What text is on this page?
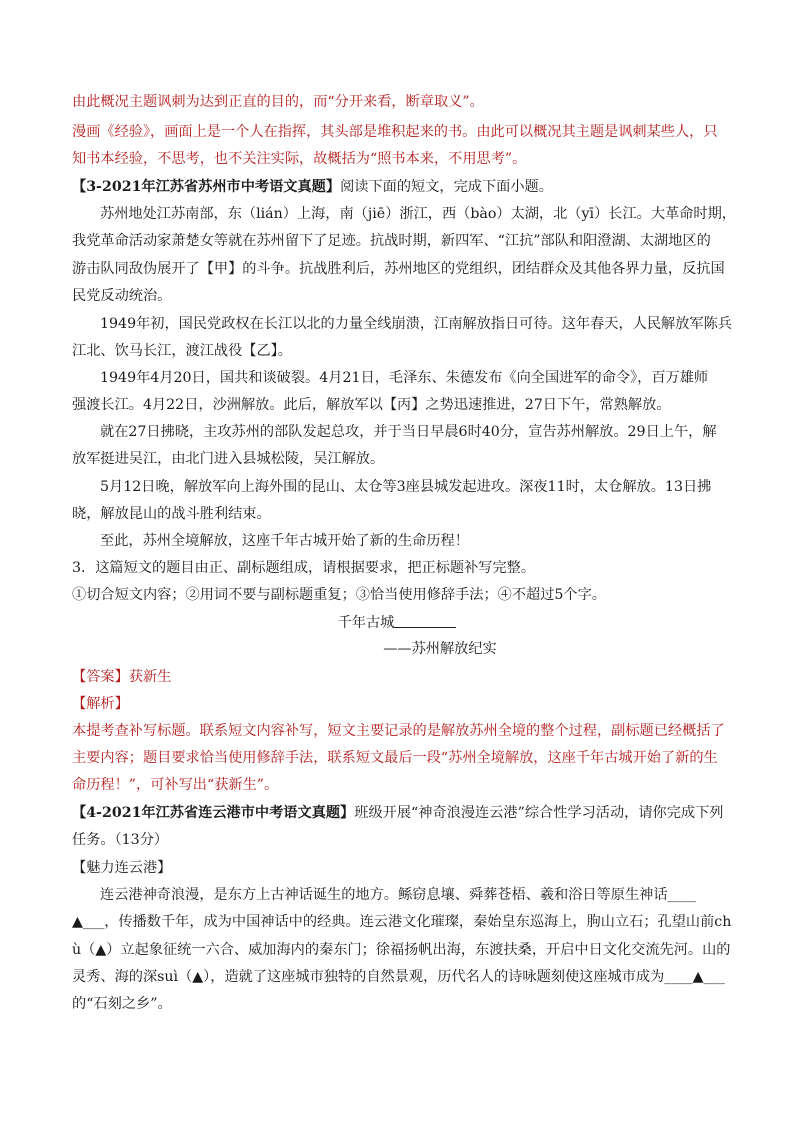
由此概况主题讽刺为达到正直的目的，而“分开来看，断章取义”。
漫画《经验》，画面上是一个人在指挥，其头部是堆积起来的书。由此可以概况其主题是讽刺某些人，只
知书本经验，不思考，也不关注实际，故概括为“照书本来，不用思考”。
【3-2021年江苏省苏州市中考语文真题】阅读下面的短文，完成下面小题。
苏州地处江苏南部，东（lián）上海，南（jiē）浙江，西（bào）太湖，北（yī）长江。大革命时期，
我党革命活动家萧楚女等就在苏州留下了足迹。抗战时期，新四军、“江抗”部队和阳澄湖、太湖地区的
游击队同敌伪展开了【甲】的斗争。抗战胜利后，苏州地区的党组织，团结群众及其他各界力量，反抗国
民党反动统治。
1949年初，国民党政权在长江以北的力量全线崩溃，江南解放指日可待。这年春天，人民解放军陈兵
江北、饮马长江，渡江战役【乙】。
1949年4月20日，国共和谈破裂。4月21日，毛泽东、朱德发布《向全国进军的命令》，百万雄师
强渡长江。4月22日，沙洲解放。此后，解放军以【丙】之势迅速推进，27日下午，常熟解放。
就在27日拂晓，主攻苏州的部队发起总攻，并于当日早晨6时40分，宣告苏州解放。29日上午，解
放军挺进吴江，由北门进入县城松陵，吴江解放。
5月12日晚，解放军向上海外围的昆山、太仓等3座县城发起进攻。深夜11时，太仓解放。13日拂
晓，解放昆山的战斗胜利结束。
至此，苏州全境解放，这座千年古城开始了新的生命历程！
3．这篇短文的题目由正、副标题组成，请根据要求，把正标题补写完整。
①切合短文内容；②用词不要与副标题重复；③恰当使用修辞手法；④不超过5个字。
千年古城
——苏州解放纪实
【答案】获新生
【解析】
本提考查补写标题。联系短文内容补写，短文主要记录的是解放苏州全境的整个过程，副标题已经概括了
主要内容；题目要求恰当使用修辞手法，联系短文最后一段“苏州全境解放，这座千年古城开始了新的生
命历程！”，可补写出“获新生”。
【4-2021年江苏省连云港市中考语文真题】班级开展“神奇浪漫连云港”综合性学习活动，请你完成下列
任务。（13分）
【魅力连云港】
连云港神奇浪漫，是东方上古神话诞生的地方。鲧窃息壤、舜葬苍梧、羲和浴日等原生神话____
▲___，传播数千年，成为中国神话中的经典。连云港文化璀璨，秦始皇东巡海上，朐山立石；孔望山前ch
ù（▲）立起象征统一六合、威加海内的秦东门；徐福扬帆出海，东渡扶桑，开启中日文化交流先河。山的
灵秀、海的深suì（▲），造就了这座城市独特的自然景观，历代名人的诗咏题刻使这座城市成为____▲___
的“石刻之乡”。
